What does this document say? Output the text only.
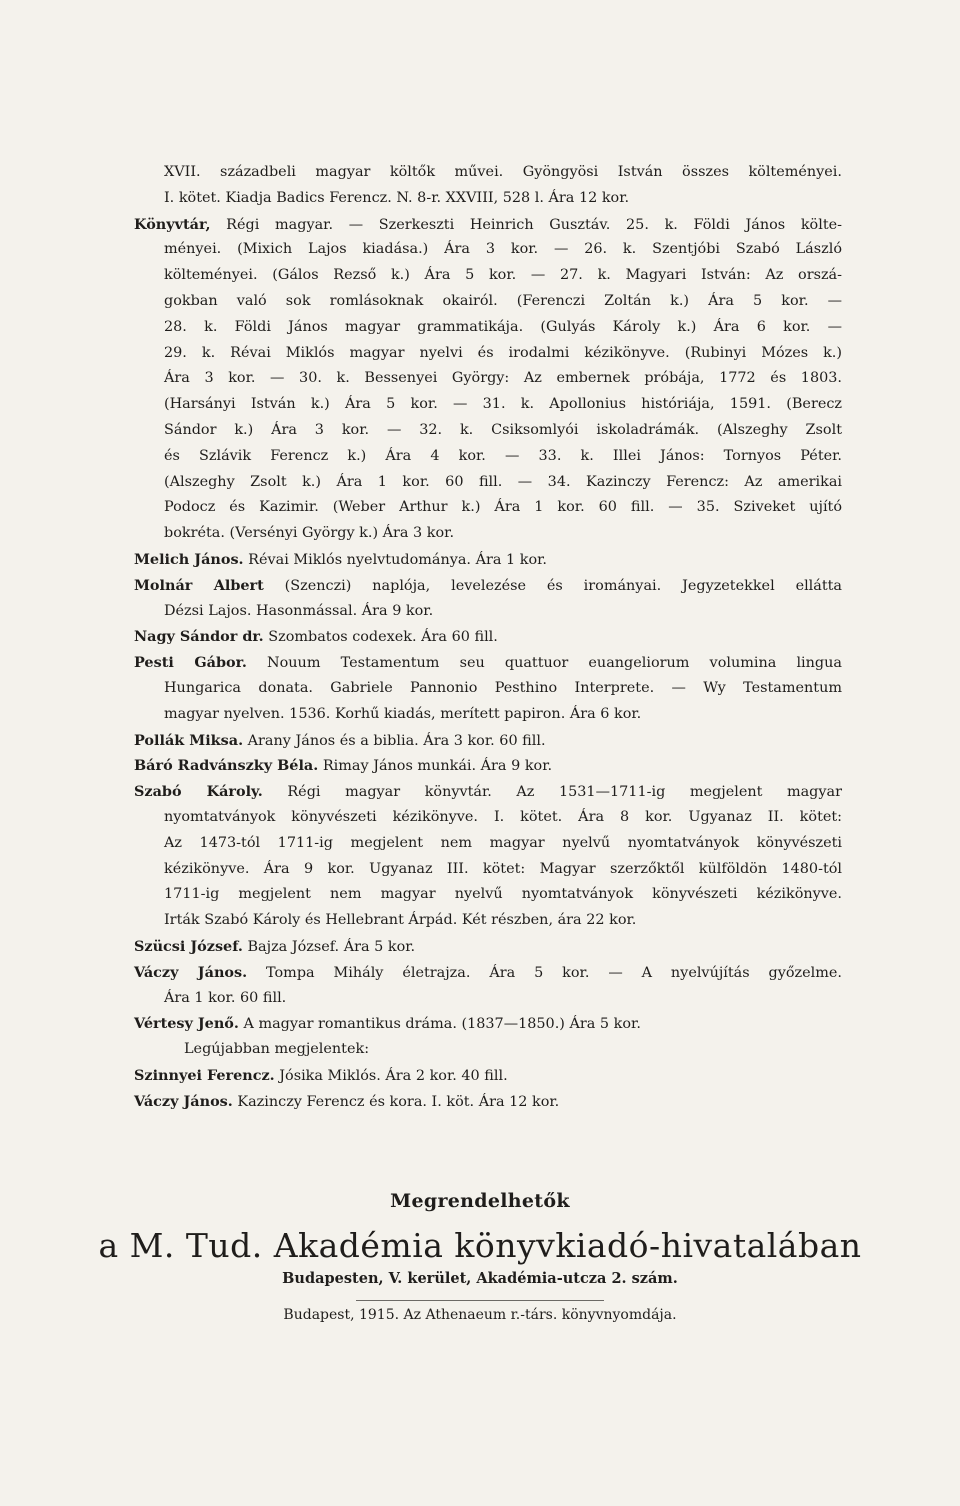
XVII. századbeli magyar költők művei. Gyöngyösi István összes költeményei.
I. kötet. Kiadja Badics Ferencz. N. 8-r. XXVIII, 528 l. Ára 12 kor.
Könyvtár, Régi magyar. — Szerkeszti Heinrich Gusztáv. 25. k. Földi János költe-
ményei. (Mixich Lajos kiadása.) Ára 3 kor. — 26. k. Szentjóbi Szabó László
költeményei. (Gálos Rezső k.) Ára 5 kor. — 27. k. Magyari István: Az orszá-
gokban való sok romlásoknak okairól. (Ferenczi Zoltán k.) Ára 5 kor. —
28. k. Földi János magyar grammatikája. (Gulyás Károly k.) Ára 6 kor. —
29. k. Révai Miklós magyar nyelvi és irodalmi kézikönyve. (Rubinyi Mózes k.)
Ára 3 kor. — 30. k. Bessenyei György: Az embernek próbája, 1772 és 1803.
(Harsányi István k.) Ára 5 kor. — 31. k. Apollonius históriája, 1591. (Berecz
Sándor k.) Ára 3 kor. — 32. k. Csiksomlyói iskoladrámák. (Alszeghy Zsolt
és Szlávik Ferencz k.) Ára 4 kor. — 33. k. Illei János: Tornyos Péter.
(Alszeghy Zsolt k.) Ára 1 kor. 60 fill. — 34. Kazinczy Ferencz: Az amerikai
Podocz és Kazimir. (Weber Arthur k.) Ára 1 kor. 60 fill. — 35. Sziveket ujító
bokréta. (Versényi György k.) Ára 3 kor.
Melich János. Révai Miklós nyelvtudománya. Ára 1 kor.
Molnár Albert (Szenczi) naplója, levelezése és irományai. Jegyzetekkel ellátta
Dézsi Lajos. Hasonmással. Ára 9 kor.
Nagy Sándor dr. Szombatos codexek. Ára 60 fill.
Pesti Gábor. Nouum Testamentum seu quattuor euangeliorum volumina lingua
Hungarica donata. Gabriele Pannonio Pesthino Interprete. — Wy Testamentum
magyar nyelven. 1536. Korhű kiadás, merített papiron. Ára 6 kor.
Pollák Miksa. Arany János és a biblia. Ára 3 kor. 60 fill.
Báró Radvánszky Béla. Rimay János munkái. Ára 9 kor.
Szabó Károly. Régi magyar könyvtár. Az 1531—1711-ig megjelent magyar
nyomtatványok könyvészeti kézikönyve. I. kötet. Ára 8 kor. Ugyanaz II. kötet:
Az 1473-tól 1711-ig megjelent nem magyar nyelvű nyomtatványok könyvészeti
kézikönyve. Ára 9 kor. Ugyanaz III. kötet: Magyar szerzőktől külföldön 1480-tól
1711-ig megjelent nem magyar nyelvű nyomtatványok könyvészeti kézikönyve.
Irták Szabó Károly és Hellebrant Árpád. Két részben, ára 22 kor.
Szücsi József. Bajza József. Ára 5 kor.
Váczy János. Tompa Mihály életrajza. Ára 5 kor. — A nyelvújítás győzelme.
Ára 1 kor. 60 fill.
Vértesy Jenő. A magyar romantikus dráma. (1837—1850.) Ára 5 kor.
Legújabban megjelentek:
Szinnyei Ferencz. Jósika Miklós. Ára 2 kor. 40 fill.
Váczy János. Kazinczy Ferencz és kora. I. köt. Ára 12 kor.
Megrendelhetők
a M. Tud. Akadémia könyvkiadó-hivatalában
Budapesten, V. kerület, Akadémia-utcza 2. szám.
Budapest, 1915. Az Athenaeum r.-társ. könyvnyomdája.
